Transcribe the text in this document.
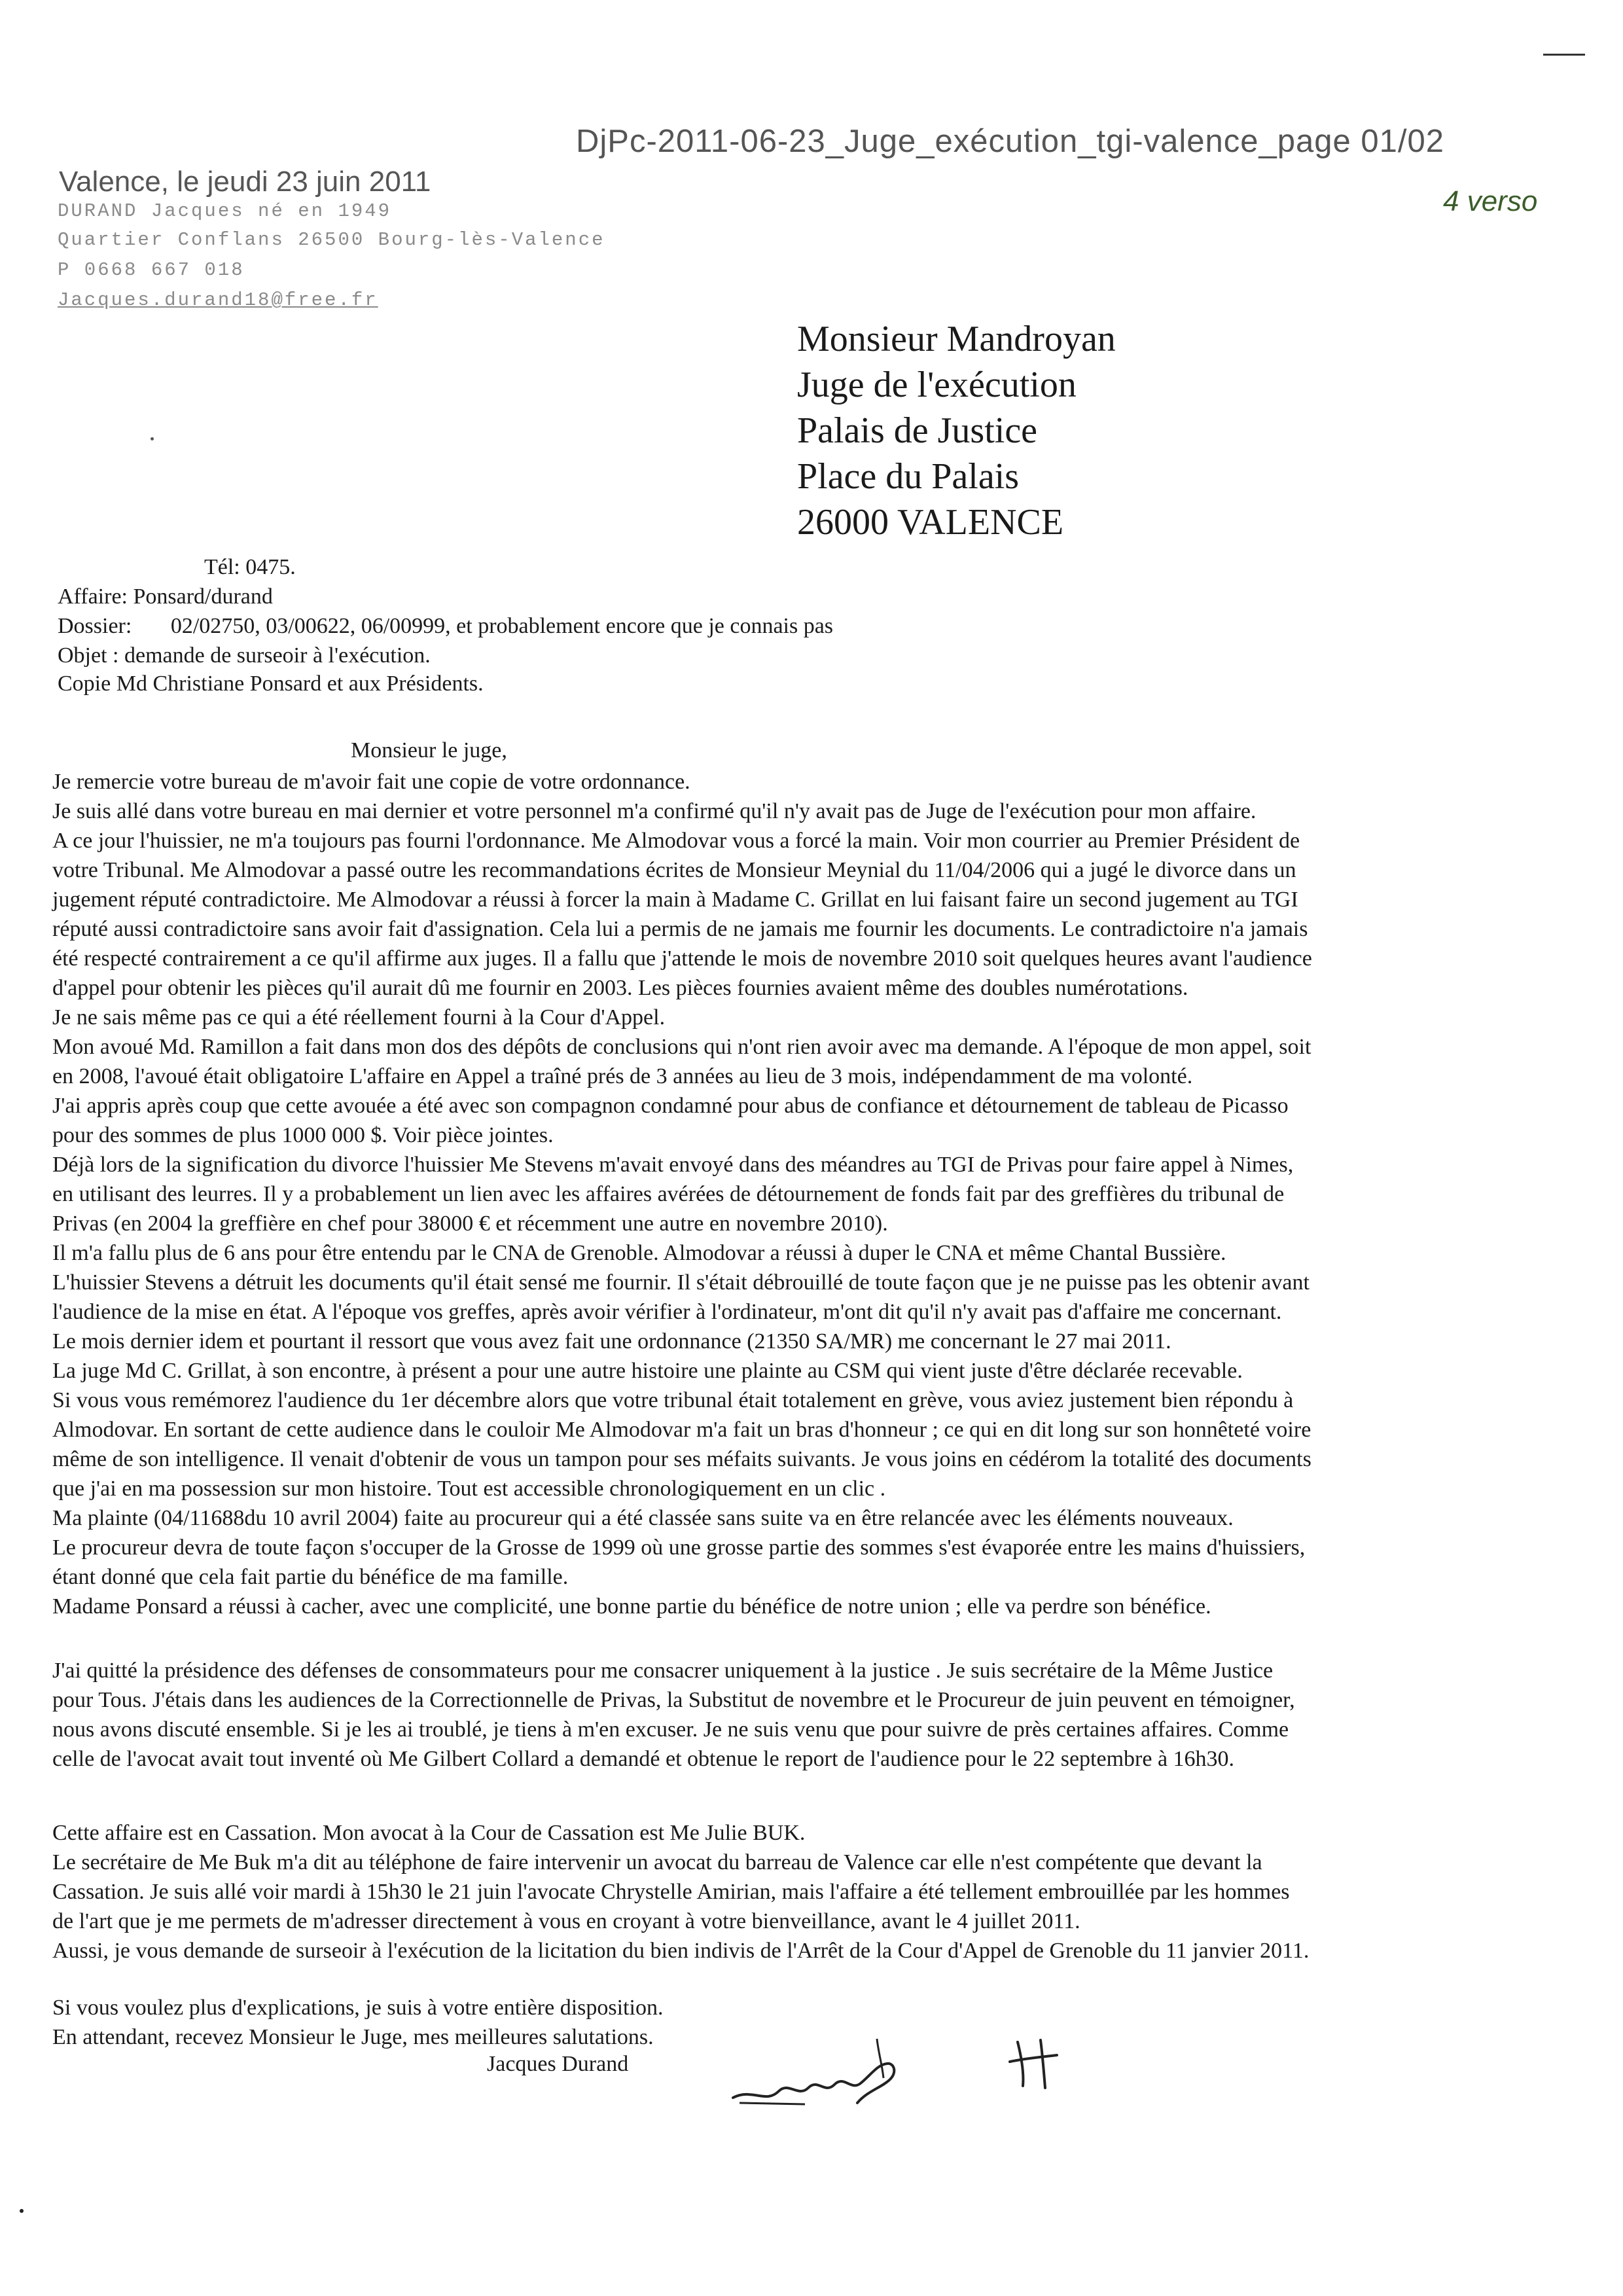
DjPc-2011-06-23_Juge_exécution_tgi-valence_page 01/02
4 verso
Valence, le jeudi 23 juin 2011
DURAND Jacques né en 1949
Quartier Conflans 26500 Bourg-lès-Valence
P 0668 667 018
Jacques.durand18@free.fr
Monsieur Mandroyan
Juge de l'exécution
Palais de Justice
Place du Palais
26000 VALENCE
Tél: 0475.
Affaire: Ponsard/durand
Dossier:       02/02750, 03/00622, 06/00999, et probablement encore que je connais pas
Objet : demande de surseoir à l'exécution.
Copie Md Christiane Ponsard et aux Présidents.
Monsieur le juge,

Je remercie votre bureau de m'avoir fait une copie de votre ordonnance.
Je suis allé dans votre bureau en mai dernier et votre personnel m'a confirmé qu'il n'y avait pas de Juge de l'exécution pour mon affaire.
A ce jour l'huissier, ne m'a toujours pas fourni l'ordonnance. Me Almodovar vous a forcé la main. Voir mon courrier au Premier Président de
votre Tribunal. Me Almodovar a passé outre les recommandations écrites de Monsieur Meynial du 11/04/2006 qui a jugé le divorce dans un
jugement réputé contradictoire. Me Almodovar a réussi à forcer la main à Madame C. Grillat en lui faisant faire un second jugement au TGI
réputé aussi contradictoire sans avoir fait d'assignation. Cela lui a permis de ne jamais me fournir les documents. Le contradictoire n'a jamais
été respecté contrairement a ce qu'il affirme aux juges. Il a fallu que j'attende le mois de novembre 2010 soit quelques heures avant l'audience
d'appel pour obtenir les pièces qu'il aurait dû me fournir en 2003. Les pièces fournies avaient même des doubles numérotations.
Je ne sais même pas ce qui a été réellement fourni à la Cour d'Appel.
Mon avoué Md. Ramillon a fait dans mon dos des dépôts de conclusions qui n'ont rien avoir avec ma demande. A l'époque de mon appel, soit
en 2008, l'avoué était obligatoire L'affaire en Appel a traîné prés de 3 années au lieu de 3 mois, indépendamment de ma volonté.
J'ai appris après coup que cette avouée a été avec son compagnon condamné pour abus de confiance et détournement de tableau de Picasso
pour des sommes de plus 1000 000 $. Voir pièce jointes.
Déjà lors de la signification du divorce l'huissier Me Stevens m'avait envoyé dans des méandres au TGI de Privas pour faire appel à Nimes,
en utilisant des leurres. Il y a probablement un lien avec les affaires avérées de détournement de fonds fait par des greffières du tribunal de
Privas (en 2004 la greffière en chef pour 38000 € et récemment une autre en novembre 2010).
Il m'a fallu plus de 6 ans pour être entendu par le CNA de Grenoble. Almodovar a réussi à duper le CNA et même Chantal Bussière.
L'huissier Stevens a détruit les documents qu'il était sensé me fournir. Il s'était débrouillé de toute façon que je ne puisse pas les obtenir avant
l'audience de la mise en état. A l'époque vos greffes, après avoir vérifier à l'ordinateur, m'ont dit qu'il n'y avait pas d'affaire me concernant.
Le mois dernier idem et pourtant il ressort que vous avez fait une ordonnance (21350 SA/MR) me concernant le 27 mai 2011.
La juge Md C. Grillat, à son encontre, à présent a pour une autre histoire une plainte au CSM qui vient juste d'être déclarée recevable.
Si vous vous remémorez l'audience du 1er décembre alors que votre tribunal était totalement en grève, vous aviez justement bien répondu à
Almodovar. En sortant de cette audience dans le couloir Me Almodovar m'a fait un bras d'honneur ; ce qui en dit long sur son honnêteté voire
même de son intelligence. Il venait d'obtenir de vous un tampon pour ses méfaits suivants. Je vous joins en cédérom la totalité des documents
que j'ai en ma possession sur mon histoire. Tout est accessible chronologiquement en un clic .
Ma plainte (04/11688du 10 avril 2004) faite au procureur qui a été classée sans suite va en être relancée avec les éléments nouveaux.
Le procureur devra de toute façon s'occuper de la Grosse de 1999 où une grosse partie des sommes s'est évaporée entre les mains d'huissiers,
étant donné que cela fait partie du bénéfice de ma famille.
Madame Ponsard a réussi à cacher, avec une complicité, une bonne partie du bénéfice de notre union ; elle va perdre son bénéfice.

J'ai quitté la présidence des défenses de consommateurs pour me consacrer uniquement à la justice . Je suis secrétaire de la Même Justice
pour Tous. J'étais dans les audiences de la Correctionnelle de Privas, la Substitut de novembre et le Procureur de juin peuvent en témoigner,
nous avons discuté ensemble. Si je les ai troublé, je tiens à m'en excuser. Je ne suis venu que pour suivre de près certaines affaires. Comme
celle de l'avocat avait tout inventé où Me Gilbert Collard a demandé et obtenue le report de l'audience pour le 22 septembre à 16h30.

Cette affaire est en Cassation. Mon avocat à la Cour de Cassation est Me Julie BUK.
Le secrétaire de Me Buk m'a dit au téléphone de faire intervenir un avocat du barreau de Valence car elle n'est compétente que devant la
Cassation. Je suis allé voir mardi à 15h30 le 21 juin l'avocate Chrystelle Amirian, mais l'affaire a été tellement embrouillée par les hommes
de l'art que je me permets de m'adresser directement à vous en croyant à votre bienveillance, avant le 4 juillet 2011.
Aussi, je vous demande de surseoir à l'exécution de la licitation du bien indivis de l'Arrêt de la Cour d'Appel de Grenoble du 11 janvier 2011.

Si vous voulez plus d'explications, je suis à votre entière disposition.
En attendant, recevez Monsieur le Juge, mes meilleures salutations.

Jacques Durand
